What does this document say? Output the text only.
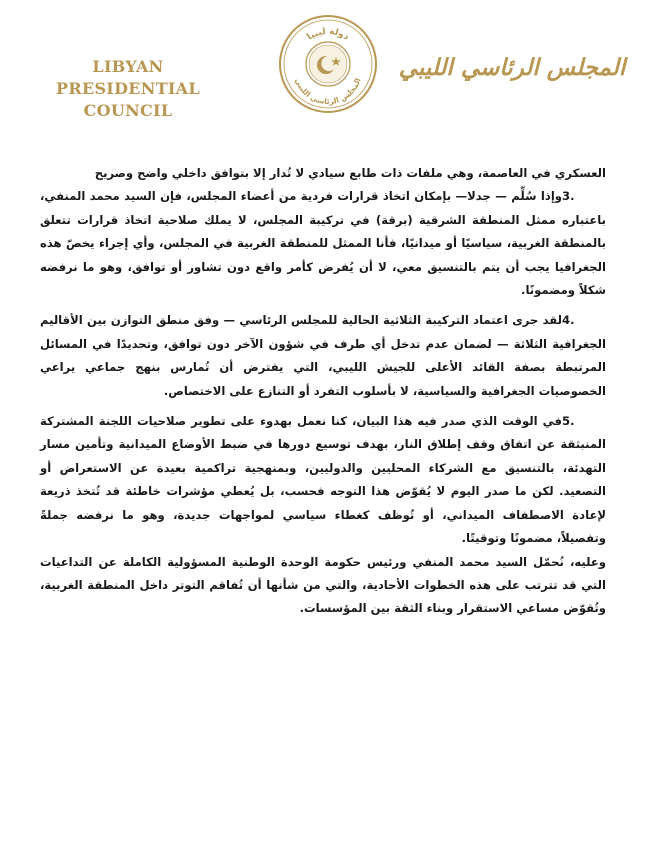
LIBYAN PRESIDENTIAL
COUNCIL
دولة ليبيا
المجلس الرئاسي الليبي المجلس الرئاسي الليبي

العسكري في العاصمة، وهي ملفات ذات طابع سيادي لا تُدار إلا بتوافق داخلي واضح وصريح

3.وإذا سُلِّم — جدلا— بإمكان اتخاذ قرارات فردية من أعضاء المجلس، فإن السيد محمد المنفي، باعتباره ممثل المنطقة الشرقية (برقة) في تركيبة المجلس، لا يملك صلاحية اتخاذ قرارات تتعلق بالمنطقة الغربية، سياسيًا أو ميدانيًا، فأنا الممثل للمنطقة الغربية في المجلس، وأي إجراء يخصّ هذه الجغرافيا يجب أن يتم بالتنسيق معي، لا أن يُفرض كأمر واقع دون تشاور أو توافق، وهو ما نرفضه شكلاً ومضمونًا.

4.لقد جرى اعتماد التركيبة الثلاثية الحالية للمجلس الرئاسي — وفق منطق التوازن بين الأقاليم الجغرافية الثلاثة — لضمان عدم تدخل أي طرف في شؤون الآخر دون توافق، وتحديدًا في المسائل المرتبطة بصفة القائد الأعلى للجيش الليبي، التي يفترض أن تُمارس بنهج جماعي يراعي الخصوصيات الجغرافية والسياسية، لا بأسلوب التفرد أو التنازع على الاختصاص.

5.في الوقت الذي صدر فيه هذا البيان، كنا نعمل بهدوء على تطوير صلاحيات اللجنة المشتركة المنبثقة عن اتفاق وقف إطلاق النار، بهدف توسيع دورها في ضبط الأوضاع الميدانية وتأمين مسار التهدئة، بالتنسيق مع الشركاء المحليين والدوليين، وبمنهجية تراكمية بعيدة عن الاستعراض أو التصعيد. لكن ما صدر اليوم لا يُقوّض هذا التوجه فحسب، بل يُعطي مؤشرات خاطئة قد تُتخذ ذريعة لإعادة الاصطفاف الميداني، أو تُوظف كغطاء سياسي لمواجهات جديدة، وهو ما نرفضه جملةً وتفصيلاً، مضمونًا وتوقيتًا.

وعليه، نُحمّل السيد محمد المنفي ورئيس حكومة الوحدة الوطنية المسؤولية الكاملة عن التداعيات التي قد تترتب على هذه الخطوات الأحادية، والتي من شأنها أن تُفاقم التوتر داخل المنطقة الغربية، وتُقوّض مساعي الاستقرار وبناء الثقة بين المؤسسات.
